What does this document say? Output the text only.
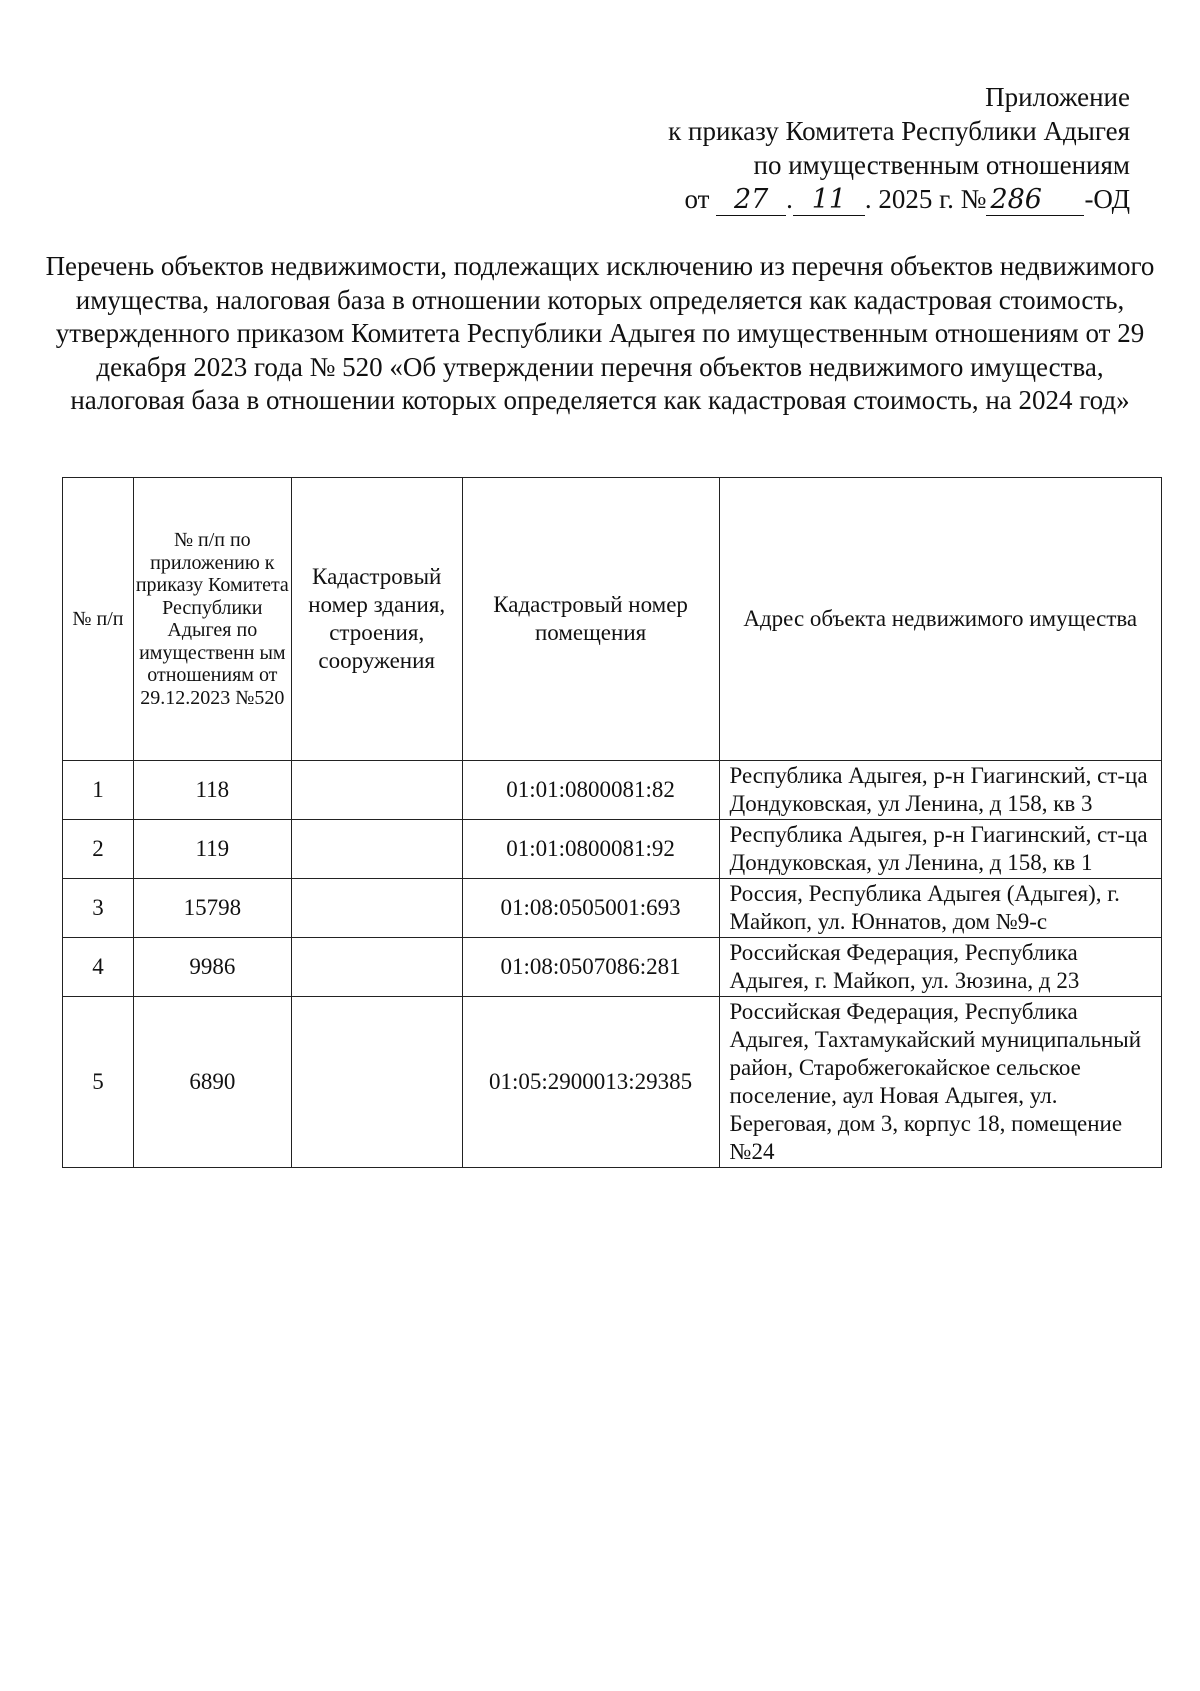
Приложение
к приказу Комитета Республики Адыгея
по имущественным отношениям
от
27 . 11 .
2025 г. № 286	-ОД
Перечень объектов недвижимости, подлежащих исключению из перечня объектов недвижимого имущества, налоговая база в отношении которых определяется как кадастровая стоимость, утвержденного приказом Комитета Республики Адыгея по имущественным отношениям от 29 декабря 2023 года № 520 «Об утверждении перечня объектов недвижимого имущества, налоговая база в отношении которых определяется как кадастровая стоимость, на 2024 год»
№ п/п	№ п/п по приложению к приказу Комитета Республики Адыгея по имущественн ым отношениям от 29.12.2023 №520	Кадастровый номер здания, строения, сооружения	Кадастровый номер помещения	Адрес объекта недвижимого имущества
1	118		01:01:0800081:82	Республика Адыгея, р-н Гиагинский, ст-ца Дондуковская, ул Ленина, д 158, кв 3
2	119		01:01:0800081:92	Республика Адыгея, р-н Гиагинский, ст-ца Дондуковская, ул Ленина, д 158, кв 1
3	15798		01:08:0505001:693	Россия, Республика Адыгея (Адыгея), г. Майкоп, ул. Юннатов, дом №9-с
4	9986		01:08:0507086:281	Российская Федерация, Республика Адыгея, г. Майкоп, ул. Зюзина, д 23
5	6890		01:05:2900013:29385	Российская Федерация, Республика Адыгея, Тахтамукайский муниципальный район, Старобжегокайское сельское поселение, аул Новая Адыгея, ул. Береговая, дом 3, корпус 18, помещение №24
